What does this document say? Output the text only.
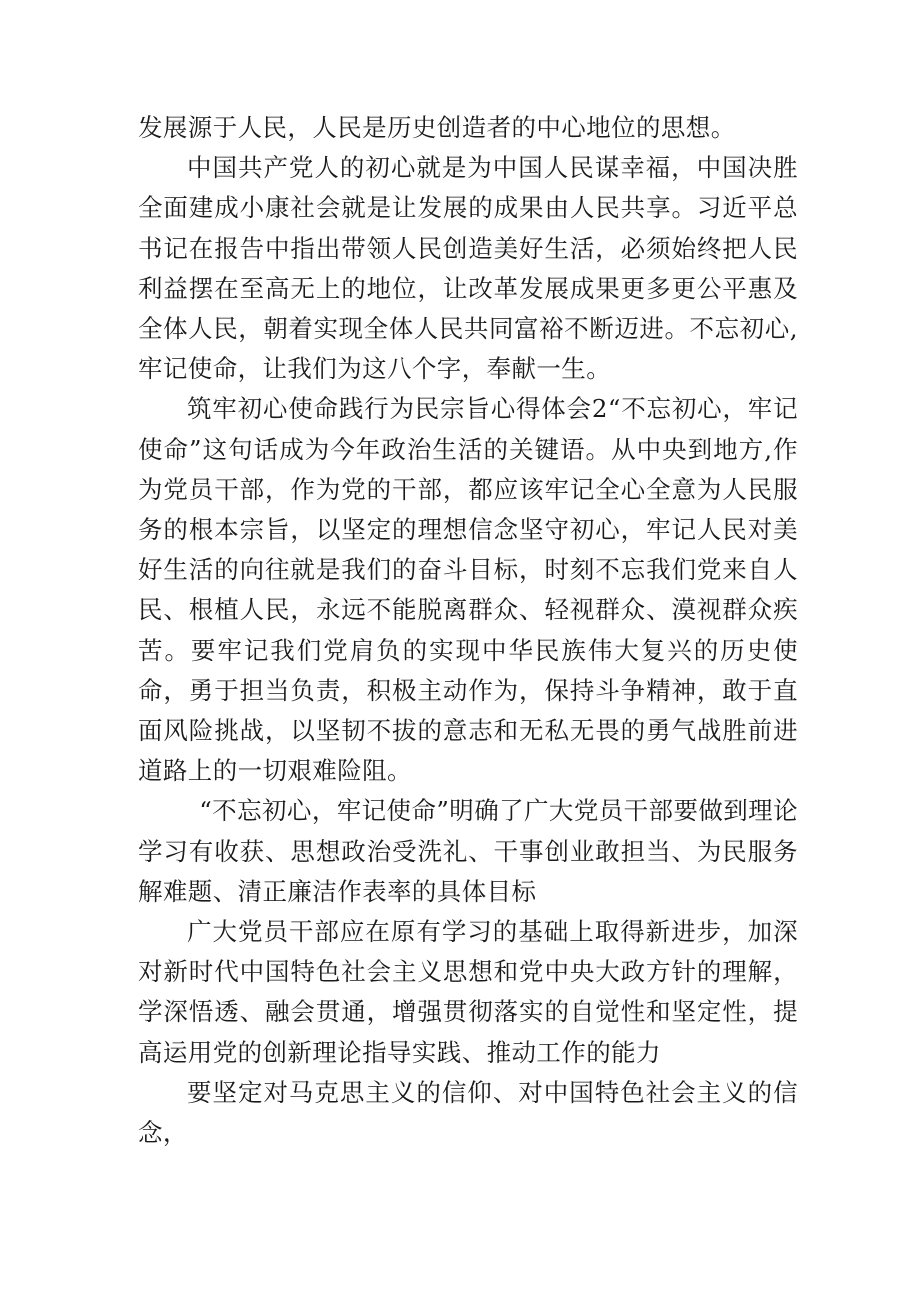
发展源于人民，人民是历史创造者的中心地位的思想。

中国共产党人的初心就是为中国人民谋幸福，中国决胜全面建成小康社会就是让发展的成果由人民共享。习近平总书记在报告中指出带领人民创造美好生活，必须始终把人民利益摆在至高无上的地位，让改革发展成果更多更公平惠及全体人民，朝着实现全体人民共同富裕不断迈进。不忘初心,牢记使命，让我们为这八个字，奉献一生。

筑牢初心使命践行为民宗旨心得体会2“不忘初心，牢记使命”这句话成为今年政治生活的关键语。从中央到地方,作为党员干部，作为党的干部，都应该牢记全心全意为人民服务的根本宗旨，以坚定的理想信念坚守初心，牢记人民对美好生活的向往就是我们的奋斗目标，时刻不忘我们党来自人民、根植人民，永远不能脱离群众、轻视群众、漠视群众疾苦。要牢记我们党肩负的实现中华民族伟大复兴的历史使命，勇于担当负责，积极主动作为，保持斗争精神，敢于直面风险挑战，以坚韧不拔的意志和无私无畏的勇气战胜前进道路上的一切艰难险阻。

“不忘初心，牢记使命”明确了广大党员干部要做到理论学习有收获、思想政治受洗礼、干事创业敢担当、为民服务解难题、清正廉洁作表率的具体目标

广大党员干部应在原有学习的基础上取得新进步，加深对新时代中国特色社会主义思想和党中央大政方针的理解，学深悟透、融会贯通，增强贯彻落实的自觉性和坚定性，提高运用党的创新理论指导实践、推动工作的能力

要坚定对马克思主义的信仰、对中国特色社会主义的信念，
